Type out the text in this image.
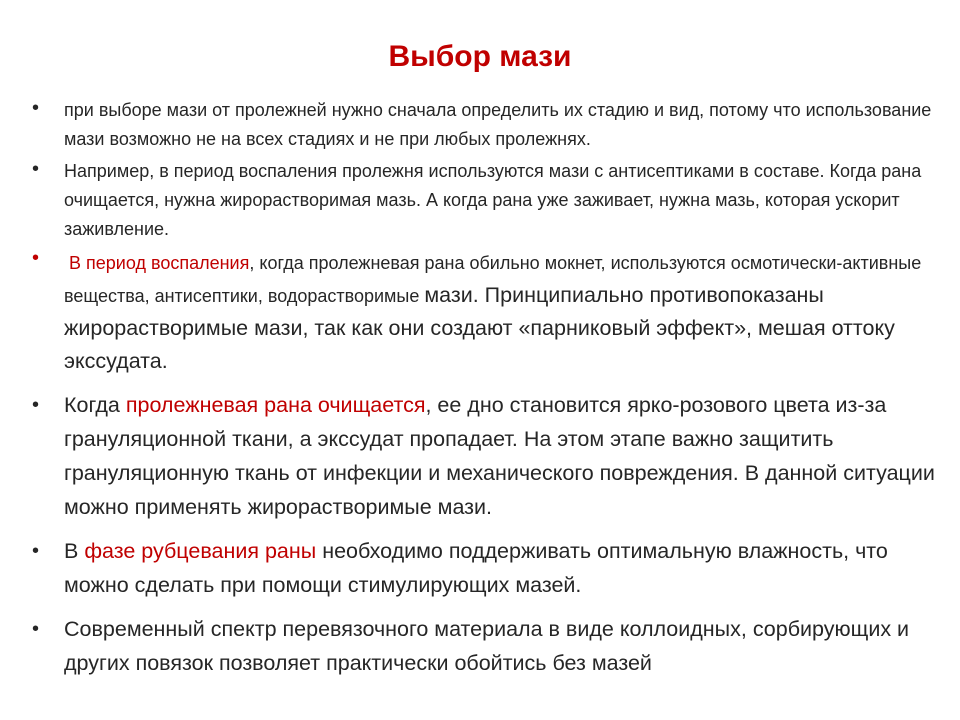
Выбор мази
• при выборе мази от пролежней нужно сначала определить их стадию и вид, потому что использование мази возможно не на всех стадиях и не при любых пролежнях.
• Например, в период воспаления пролежня используются мази с антисептиками в составе. Когда рана очищается, нужна жирорастворимая мазь. А когда рана уже заживает, нужна мазь, которая ускорит заживление.
• В период воспаления, когда пролежневая рана обильно мокнет, используются осмотически-активные вещества, антисептики, водорастворимые мази. Принципиально противопоказаны жирорастворимые мази, так как они создают «парниковый эффект», мешая оттоку экссудата.
• Когда пролежневая рана очищается, ее дно становится ярко-розового цвета из-за грануляционной ткани, а экссудат пропадает. На этом этапе важно защитить грануляционную ткань от инфекции и механического повреждения. В данной ситуации можно применять жирорастворимые мази.
• В фазе рубцевания раны необходимо поддерживать оптимальную влажность, что можно сделать при помощи стимулирующих мазей.
• Современный спектр перевязочного материала в виде коллоидных, сорбирующих и других повязок позволяет практически обойтись без мазей
